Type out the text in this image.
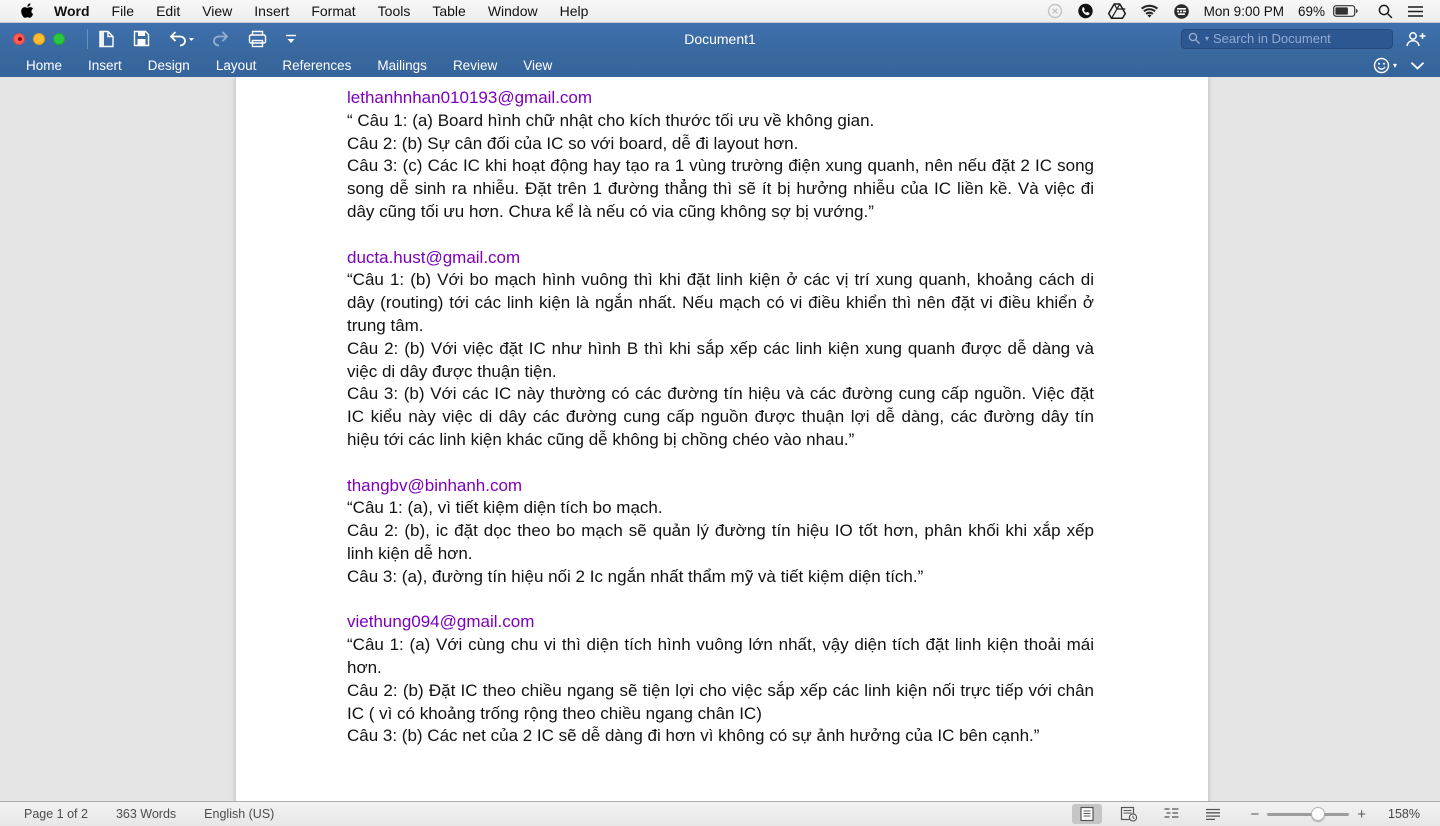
Word	File	Edit	View	Insert	Format	Tools	Table	Window	Help	Mon 9:00 PM 69%
Document1	▾
Search in Document
Home	Insert	Design	Layout	References	Mailings	Review	View	▾
lethanhnhan010193@gmail.com
“ Câu 1: (a) Board hình chữ nhật cho kích thước tối ưu về không gian.
Câu 2: (b) Sự cân đối của IC so với board, dễ đi layout hơn.
Câu 3: (c) Các IC khi hoạt động hay tạo ra 1 vùng trường điện xung quanh, nên nếu đặt 2 IC song song dễ sinh ra nhiễu. Đặt trên 1 đường thẳng thì sẽ ít bị hưởng nhiễu của IC liền kề. Và việc đi dây cũng tối ưu hơn. Chưa kể là nếu có via cũng không sợ bị vướng.”
ducta.hust@gmail.com
“Câu 1: (b) Với bo mạch hình vuông thì khi đặt linh kiện ở các vị trí xung quanh, khoảng cách di dây (routing) tới các linh kiện là ngắn nhất. Nếu mạch có vi điều khiển thì nên đặt vi điều khiển ở trung tâm.
Câu 2: (b) Với việc đặt IC như hình B thì khi sắp xếp các linh kiện xung quanh được dễ dàng và việc di dây được thuận tiện.
Câu 3: (b) Với các IC này thường có các đường tín hiệu và các đường cung cấp nguồn. Việc đặt IC kiểu này việc di dây các đường cung cấp nguồn được thuận lợi dễ dàng, các đường dây tín hiệu tới các linh kiện khác cũng dễ không bị chồng chéo vào nhau.”
thangbv@binhanh.com
“Câu 1: (a), vì tiết kiệm diện tích bo mạch.
Câu 2: (b), ic đặt dọc theo bo mạch sẽ quản lý đường tín hiệu IO tốt hơn, phân khối khi xắp xếp linh kiện dễ hơn.
Câu 3: (a), đường tín hiệu nối 2 Ic ngắn nhất thẩm mỹ và tiết kiệm diện tích.”
viethung094@gmail.com
“Câu 1: (a) Với cùng chu vi thì diện tích hình vuông lớn nhất, vậy diện tích đặt linh kiện thoải mái hơn.
Câu 2: (b) Đặt IC theo chiều ngang sẽ tiện lợi cho việc sắp xếp các linh kiện nối trực tiếp với chân IC ( vì có khoảng trống rộng theo chiều ngang chân IC)
Câu 3: (b) Các net của 2 IC sẽ dễ dàng đi hơn vì không có sự ảnh hưởng của IC bên cạnh.”
Page 1 of 2 363 Words English (US)	−	+	158%
